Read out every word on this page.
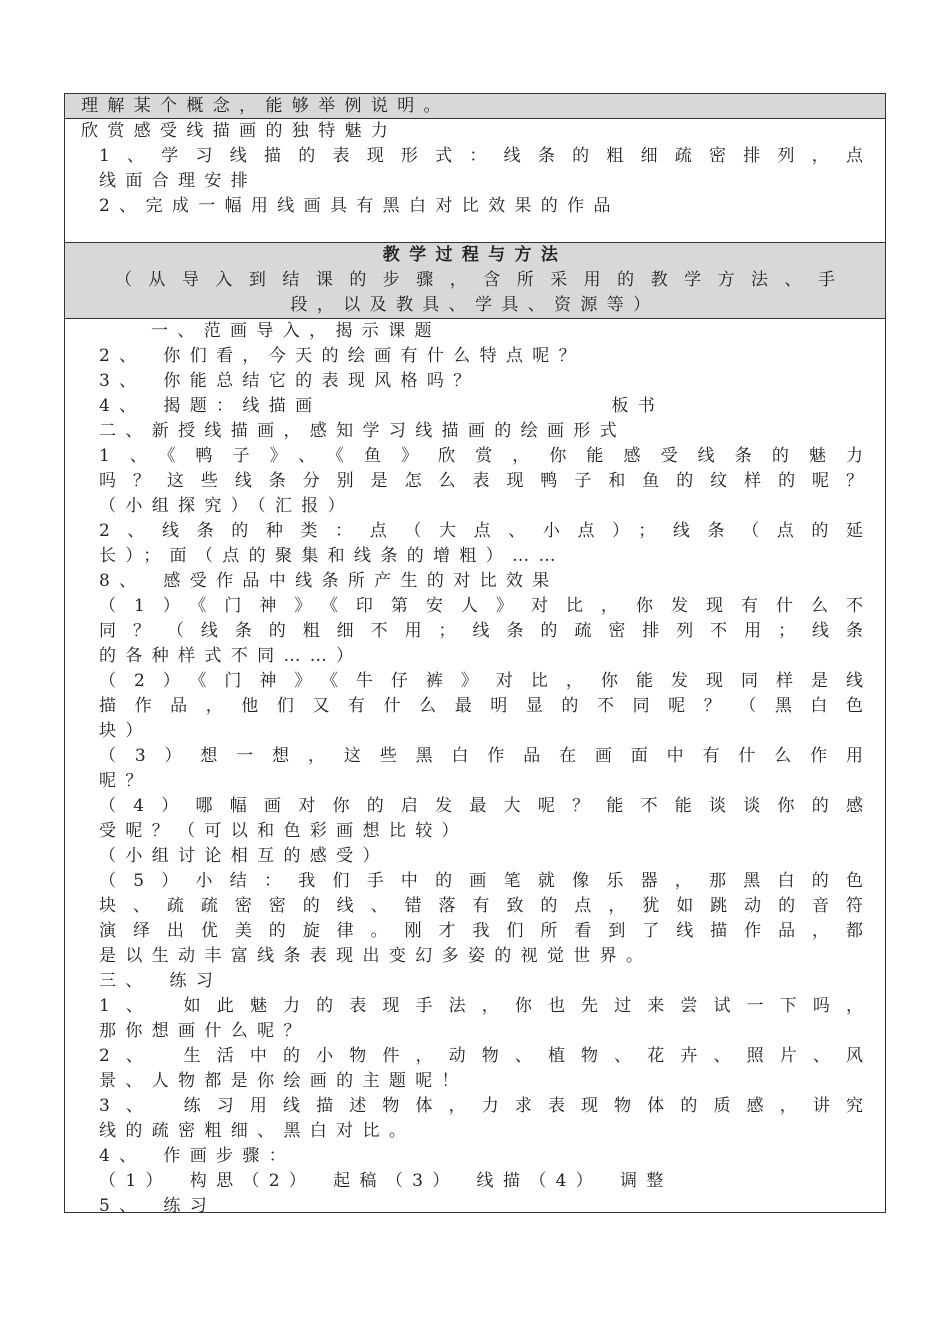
理解某个概念，能够举例说明。
欣赏感受线描画的独特魅力
1、学习线描的表现形式：线条的粗细疏密排列，点
线面合理安排
2、完成一幅用线画具有黑白对比效果的作品
教学过程与方法
（从导入到结课的步骤，含所采用的教学方法、手
段，以及教具、学具、资源等）
一、范画导入，揭示课题
2、　你们看，今天的绘画有什么特点呢？
3、　你能总结它的表现风格吗？
4、　揭题：线描画	板书
二、新授线描画，感知学习线描画的绘画形式
1、《鸭子》、《鱼》欣赏，你能感受线条的魅力
吗？这些线条分别是怎么表现鸭子和鱼的纹样的呢？
（小组探究）（汇报）
2、线条的种类：点（大点、小点）；线条（点的延
长）；面（点的聚集和线条的增粗）……
8、　感受作品中线条所产生的对比效果
（1）《门神》《印第安人》对比，你发现有什么不
同？（线条的粗细不用；线条的疏密排列不用；线条
的各种样式不同……）
（2）《门神》《牛仔裤》对比，你能发现同样是线
描作品，他们又有什么最明显的不同呢？（黑白色
块）
（3）想一想，这些黑白作品在画面中有什么作用
呢？
（4）哪幅画对你的启发最大呢？能不能谈谈你的感
受呢？（可以和色彩画想比较）
（小组讨论相互的感受）
（5）小结：我们手中的画笔就像乐器，那黑白的色
块、疏疏密密的线、错落有致的点，犹如跳动的音符
演绎出优美的旋律。刚才我们所看到了线描作品，都
是以生动丰富线条表现出变幻多姿的视觉世界。
三、　练习
1、　如此魅力的表现手法，你也先过来尝试一下吗，
那你想画什么呢？
2、　生活中的小物件，动物、植物、花卉、照片、风
景、人物都是你绘画的主题呢！
3、　练习用线描述物体，力求表现物体的质感，讲究
线的疏密粗细、黑白对比。
4、　作画步骤：
（1）　构思（2）　起稿（3）　线描（4）　调整
5、　练习
